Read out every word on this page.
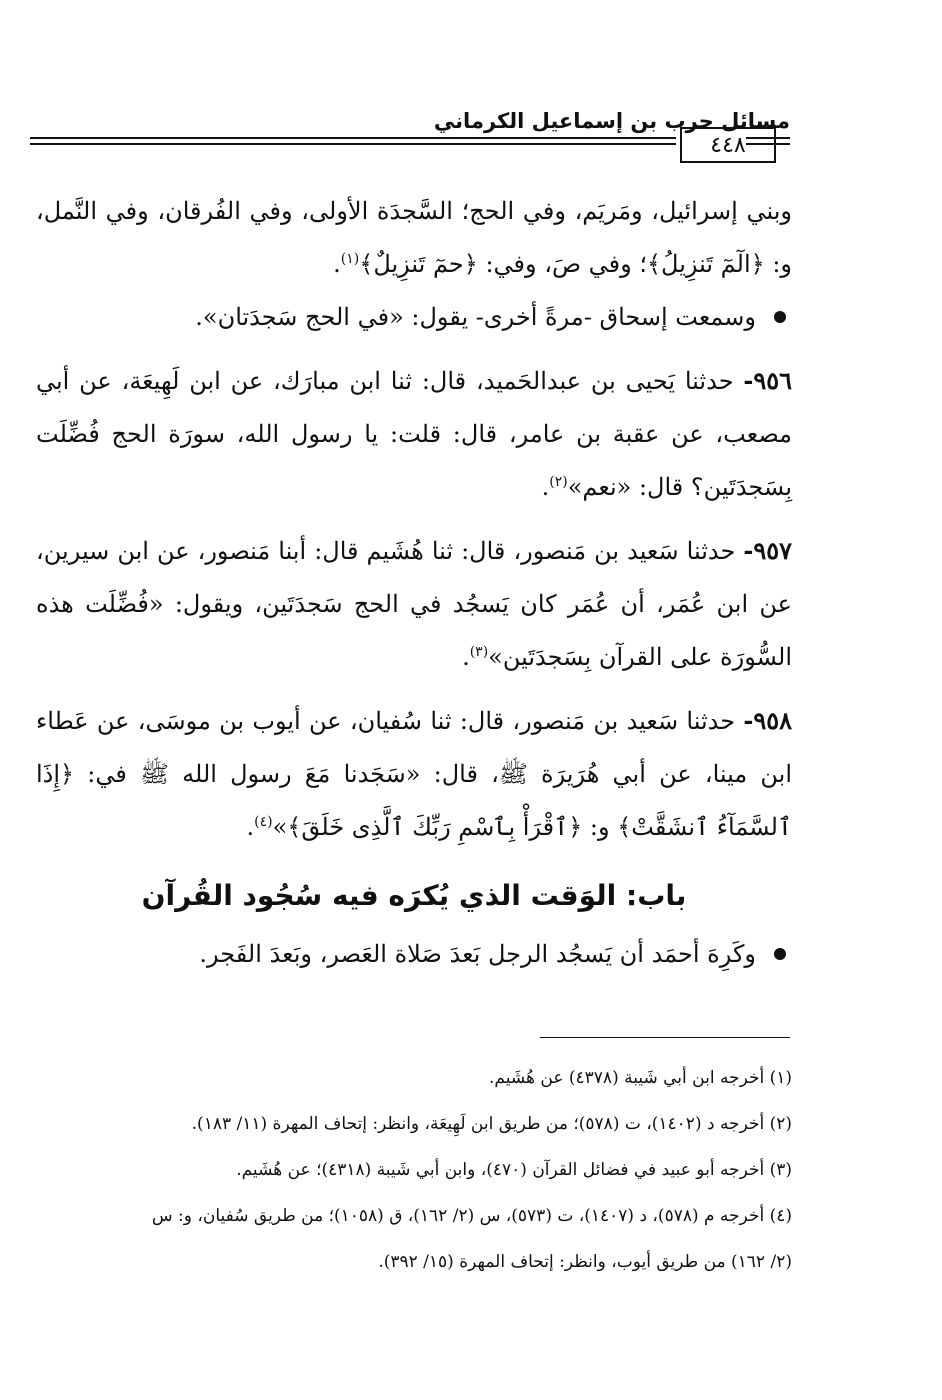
مسائل حرب بن إسماعيل الكرماني
٤٤٨

وبني إسرائيل، ومَريَم، وفي الحج؛ السَّجدَة الأولى، وفي الفُرقان، وفي النَّمل، و: ﴿الٓمٓ تَنزِيلُ﴾؛ وفي صَ، وفي: ﴿حمٓ تَنزِيلٌ﴾$^{(١)}$.

وسمعت إسحاق -مرةً أخرى- يقول: «في الحج سَجدَتان».

٩٥٦- حدثنا يَحيى بن عبدالحَميد، قال: ثنا ابن مبارَك، عن ابن لَهِيعَة، عن أبي مصعب، عن عقبة بن عامر، قال: قلت: يا رسول الله، سورَة الحج فُضِّلَت بِسَجدَتَين؟ قال: «نعم»$^{(٢)}$.

٩٥٧- حدثنا سَعيد بن مَنصور، قال: ثنا هُشَيم قال: أبنا مَنصور، عن ابن سيرين، عن ابن عُمَر، أن عُمَر كان يَسجُد في الحج سَجدَتَين، ويقول: «فُضِّلَت هذه السُّورَة على القرآن بِسَجدَتَين»$^{(٣)}$.

٩٥٨- حدثنا سَعيد بن مَنصور، قال: ثنا سُفيان، عن أيوب بن موسَى، عن عَطاء ابن مينا، عن أبي هُرَيرَة ﷺ، قال: «سَجَدنا مَعَ رسول الله ﷺ في: ﴿إِذَا ٱلسَّمَآءُ ٱنشَقَّتْ﴾ و: ﴿ٱقْرَأْ بِٱسْمِ رَبِّكَ ٱلَّذِى خَلَقَ﴾»$^{(٤)}$.

باب: الوَقت الذي يُكرَه فيه سُجُود القُرآن

وكَرِهَ أحمَد أن يَسجُد الرجل بَعدَ صَلاة العَصر، وبَعدَ الفَجر.

(١) أخرجه ابن أبي شَيبة (٤٣٧٨) عن هُشَيم.

(٢) أخرجه د (١٤٠٢)، ت (٥٧٨)؛ من طريق ابن لَهِيعَة، وانظر: إتحاف المهرة (١١/ ١٨٣).

(٣) أخرجه أبو عبيد في فضائل القرآن (٤٧٠)، وابن أبي شَيبة (٤٣١٨)؛ عن هُشَيم.

(٤) أخرجه م (٥٧٨)، د (١٤٠٧)، ت (٥٧٣)، س (٢/ ١٦٢)، ق (١٠٥٨)؛ من طريق سُفيان، و: س

(٢/ ١٦٢) من طريق أيوب، وانظر: إتحاف المهرة (١٥/ ٣٩٢).
